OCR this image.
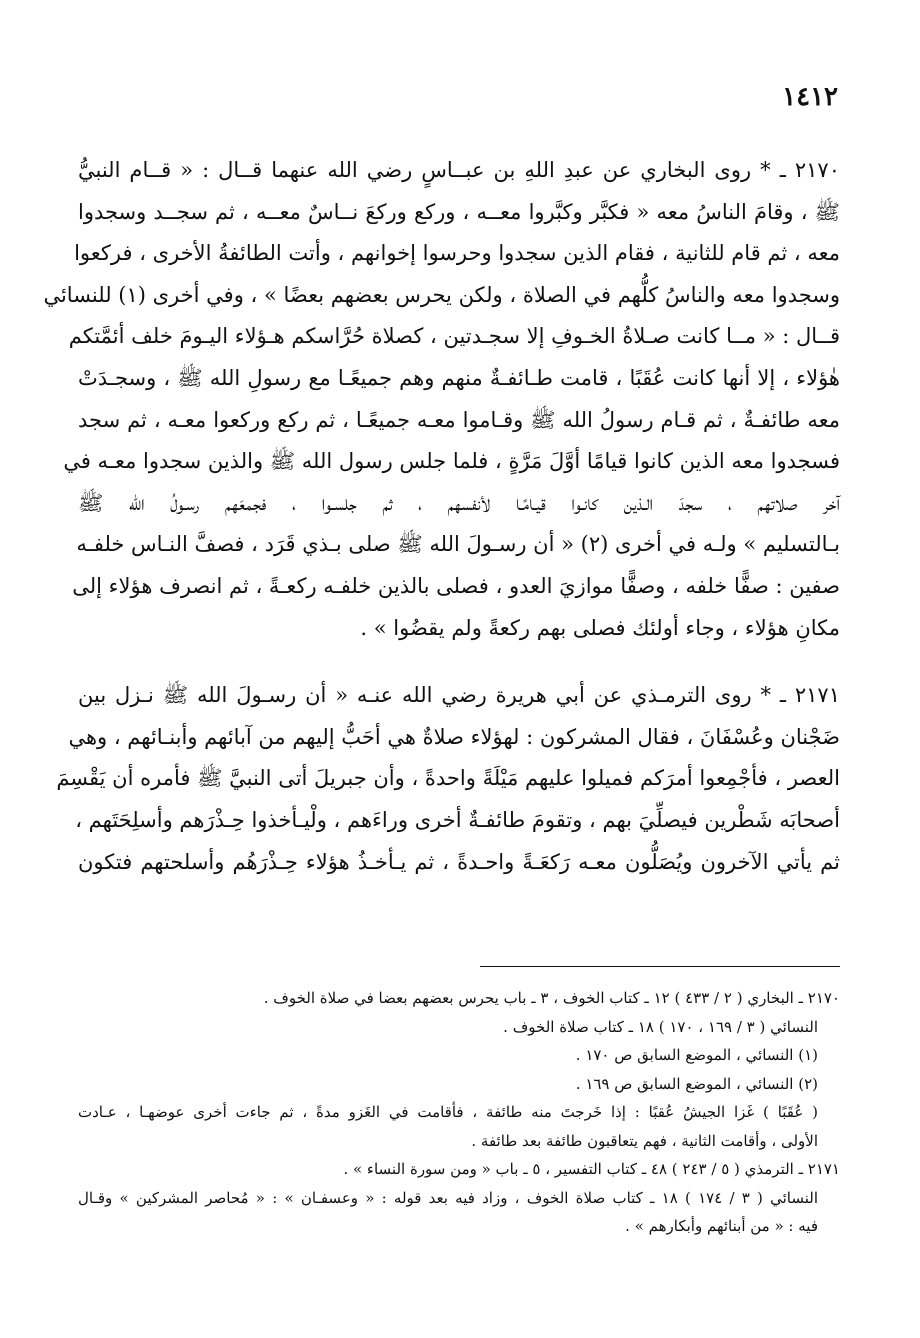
١٤١٢
٢١٧٠ ـ * روى البخاري عن عبدِ اللهِ بن عبــاسٍ رضي الله عنهما قــال : « قــام النبيُّ
ﷺ ، وقامَ الناسُ معه « فكبَّر وكبَّروا معــه ، وركع وركعَ نــاسٌ معــه ، ثم سجــد وسجدوا
معه ، ثم قام للثانية ، فقام الذين سجدوا وحرسوا إخوانهم ، وأتت الطائفةُ الأخرى ، فركعوا
وسجدوا معه والناسُ كلُّهم في الصلاة ، ولكن يحرس بعضهم بعضًا » ، وفي أخرى (١) للنسائي
قــال : « مــا كانت صـلاةُ الخـوفِ إلا سجـدتين ، كصلاة حُرَّاسكم هـؤلاء اليـومَ خلف أئمَّتكم
هٰؤلاء ، إلا أنها كانت عُقَبًا ، قامت طـائفـةٌ منهم وهم جميعًـا مع رسولِ الله ﷺ ، وسجـدَتْ
معه طائفـةٌ ، ثم قـام رسولُ الله ﷺ وقـاموا معـه جميعًـا ، ثم ركع وركعوا معـه ، ثم سجد
فسجدوا معه الذين كانوا قيامًا أوَّلَ مَرَّةٍ ، فلما جلس رسول الله ﷺ والذين سجدوا معـه في
آخر صلاتهم ، سجدَ الـذين كانـوا قيـامًـا لأنفسهم ، ثم جلسـوا ، فجمعَهم رسـولُ الله ﷺ
بـالتسليم » ولـه في أخرى (٢) « أن رسـولَ الله ﷺ صلى بـذي قَرَد ، فصفَّ النـاس خلفـه
صفين : صفًّا خلفه ، وصفًّا موازيَ العدو ، فصلى بالذين خلفـه ركعـةً ، ثم انصرف هؤلاء إلى
مكانِ هؤلاء ، وجاء أولئك فصلى بهم ركعةً ولم يقضُوا » .
٢١٧١ ـ * روى الترمـذي عن أبي هريرة رضي الله عنـه « أن رسـولَ الله ﷺ نـزل بين
ضَجْنان وعُسْفَانَ ، فقال المشركون : لهؤلاء صلاةٌ هي أحَبُّ إليهم من آبائهم وأبنـائهم ، وهي
العصر ، فأجْمِعوا أمرَكم فميلوا عليهم مَيْلَةً واحدةً ، وأن جبريلَ أتى النبيَّ ﷺ فأمره أن يَقْسِمَ
أصحابَه شَطْرين فيصلِّيَ بهم ، وتقومَ طائفـةٌ أخرى وراءَهم ، ولْيـأخذوا حِـذْرَهم وأسلِحَتَهم ،
ثم يأتي الآخرون ويُصَلُّون معـه رَكعَـةً واحـدةً ، ثم يـأخـذُ هؤلاء حِـذْرَهُم وأسلحتهم فتكون
٢١٧٠ ـ البخاري ( ٢ / ٤٣٣ ) ١٢ ـ كتاب الخوف ، ٣ ـ باب يحرس بعضهم بعضا في صلاة الخوف .
النسائي ( ٣ / ١٦٩ ، ١٧٠ ) ١٨ ـ كتاب صلاة الخوف .
(١) النسائي ، الموضع السابق ص ١٧٠ .
(٢) النسائي ، الموضع السابق ص ١٦٩ .
( عُقَبًا ) غَزا الجيشُ عُقبًا : إذا خَرجتَ منه طائفة ، فأقامت في الغَزو مدةً ، ثم جاءت أخرى عوضهـا ، عـادت
الأولى ، وأقامت الثانية ، فهم يتعاقبون طائفة بعد طائفة .
٢١٧١ ـ الترمذي ( ٥ / ٢٤٣ ) ٤٨ ـ كتاب التفسير ، ٥ ـ باب « ومن سورة النساء » .
النسائي ( ٣ / ١٧٤ ) ١٨ ـ كتاب صلاة الخوف ، وزاد فيه بعد قوله : « وعسفـان » : « مُحاصر المشركين » وقـال
فيه : « من أبنائهم وأبكارهم » .
